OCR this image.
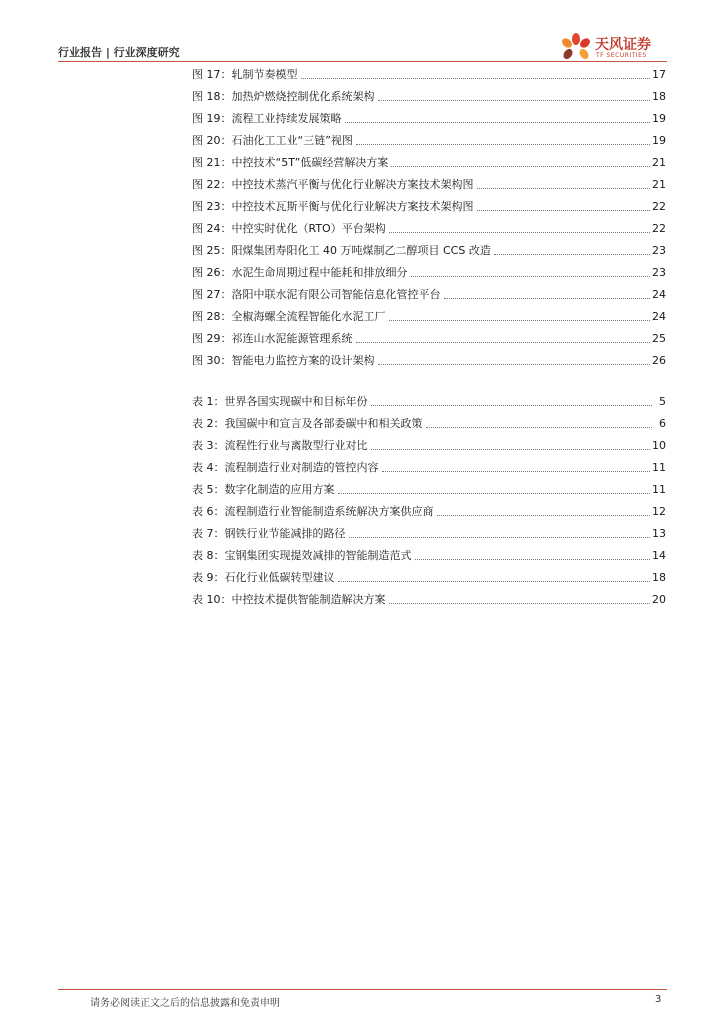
行业报告 | 行业深度研究	天风证券
TF SECURITIES
图 17：轧制节奏模型	17
图 18：加热炉燃烧控制优化系统架构	18
图 19：流程工业持续发展策略	19
图 20：石油化工工业“三链”视图	19
图 21：中控技术“5T”低碳经营解决方案	21
图 22：中控技术蒸汽平衡与优化行业解决方案技术架构图	21
图 23：中控技术瓦斯平衡与优化行业解决方案技术架构图	22
图 24：中控实时优化（RTO）平台架构	22
图 25：阳煤集团寿阳化工 40 万吨煤制乙二醇项目 CCS 改造	23
图 26：水泥生命周期过程中能耗和排放细分	23
图 27：洛阳中联水泥有限公司智能信息化管控平台	24
图 28：全椒海螺全流程智能化水泥工厂	24
图 29：祁连山水泥能源管理系统	25
图 30：智能电力监控方案的设计架构	26
表 1：世界各国实现碳中和目标年份	5
表 2：我国碳中和宣言及各部委碳中和相关政策	6
表 3：流程性行业与离散型行业对比	10
表 4：流程制造行业对制造的管控内容	11
表 5：数字化制造的应用方案	11
表 6：流程制造行业智能制造系统解决方案供应商	12
表 7：钢铁行业节能减排的路径	13
表 8：宝钢集团实现提效减排的智能制造范式	14
表 9：石化行业低碳转型建议	18
表 10：中控技术提供智能制造解决方案	20
请务必阅读正文之后的信息披露和免责申明	3
